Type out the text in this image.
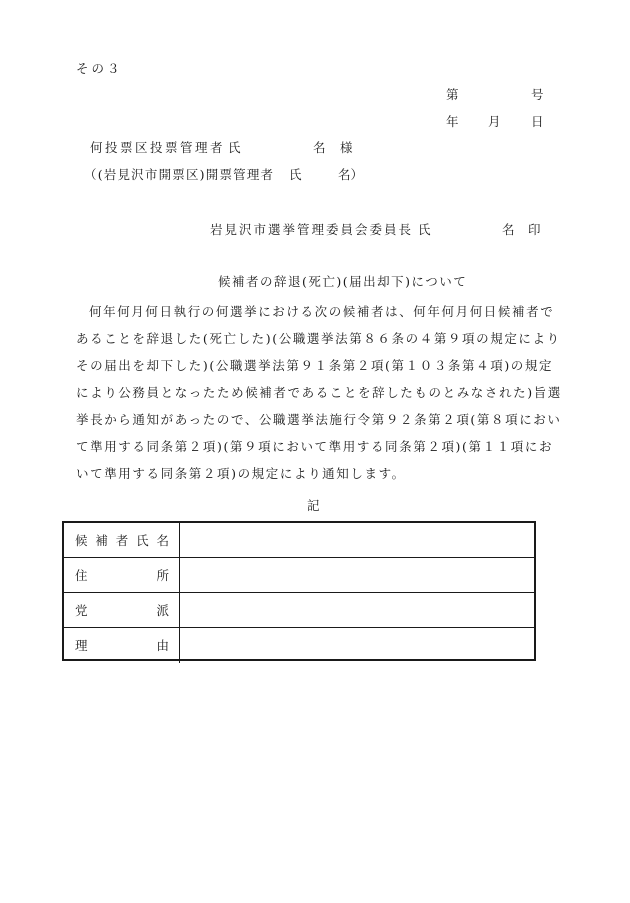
その３
第	号
年 月 日
何投票区投票管理者 氏	名 様
（(岩見沢市開票区)開票管理者 氏	名）
岩見沢市選挙管理委員会委員長 氏	名 印
候補者の辞退(死亡)(届出却下)について
何年何月何日執行の何選挙における次の候補者は、何年何月何日候補者であることを辞退した(死亡した)(公職選挙法第８６条の４第９項の規定によりその届出を却下した)(公職選挙法第９１条第２項(第１０３条第４項)の規定により公務員となったため候補者であることを辞したものとみなされた)旨選挙長から通知があったので、公職選挙法施行令第９２条第２項(第８項において準用する同条第２項)(第９項において準用する同条第２項)(第１１項において準用する同条第２項)の規定により通知します。
記
候 補 者 氏 名
住	所
党	派
理	由
